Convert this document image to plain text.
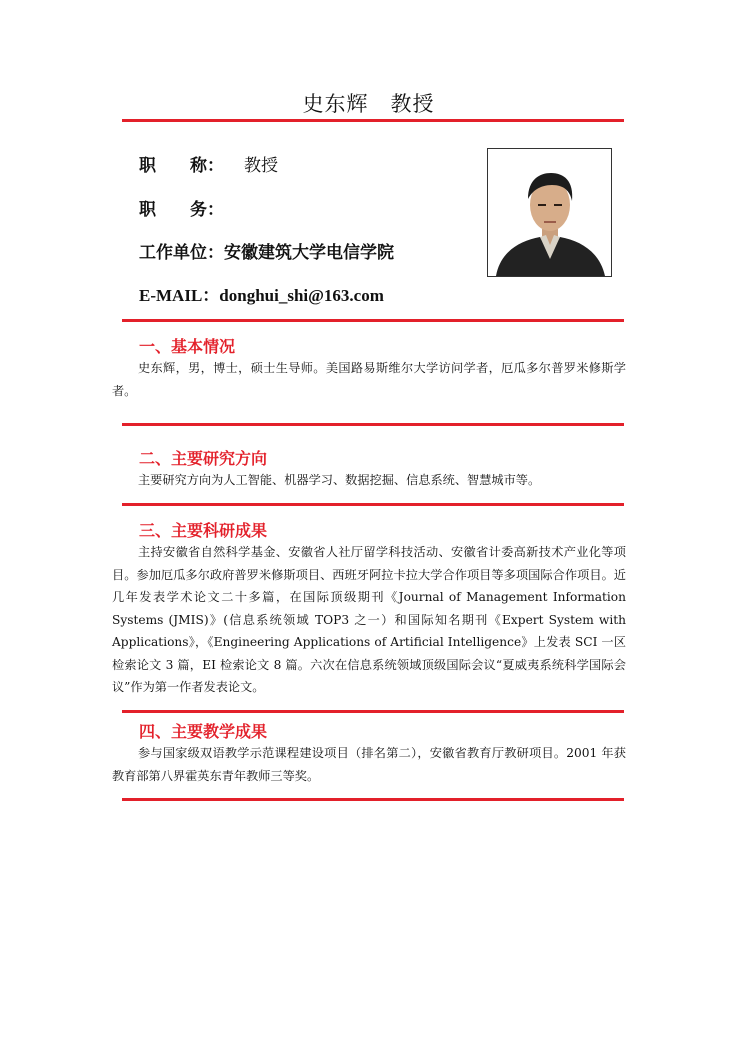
史东辉 教授
职　　称： 教授
职　　务：
工作单位：安徽建筑大学电信学院
E-MAIL：donghui_shi@163.com
一、基本情况
史东辉，男，博士，硕士生导师。美国路易斯维尔大学访问学者，厄瓜多尔普罗米修斯学者。
二、主要研究方向
主要研究方向为人工智能、机器学习、数据挖掘、信息系统、智慧城市等。
三、主要科研成果
主持安徽省自然科学基金、安徽省人社厅留学科技活动、安徽省计委高新技术产业化等项目。参加厄瓜多尔政府普罗米修斯项目、西班牙阿拉卡拉大学合作项目等多项国际合作项目。近几年发表学术论文二十多篇，在国际顶级期刊《Journal of Management Information Systems (JMIS)》(信息系统领域 TOP3 之一）和国际知名期刊《Expert System with Applications》，《Engineering Applications of Artificial Intelligence》上发表 SCI 一区检索论文 3 篇，EI 检索论文 8 篇。六次在信息系统领域顶级国际会议“夏威夷系统科学国际会议”作为第一作者发表论文。
四、主要教学成果
参与国家级双语教学示范课程建设项目（排名第二），安徽省教育厅教研项目。2001 年获教育部第八界霍英东青年教师三等奖。
